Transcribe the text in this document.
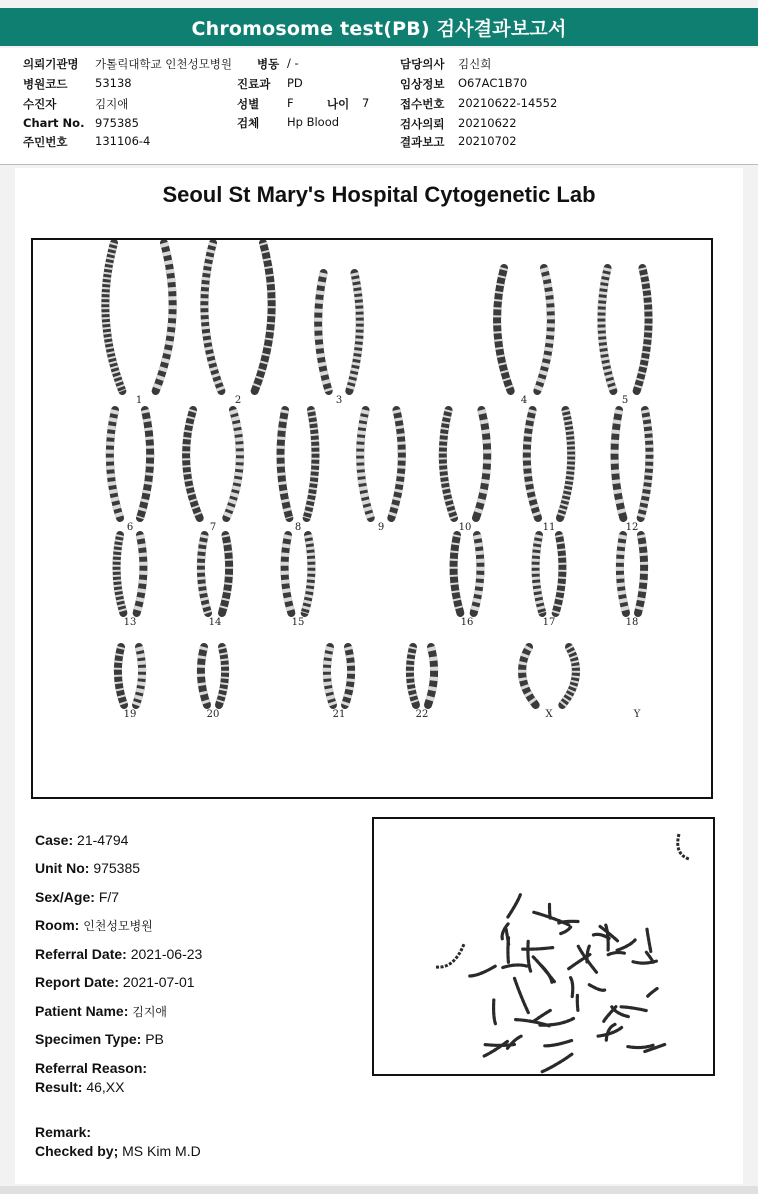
Chromosome test(PB) 검사결과보고서
의뢰기관명 가톨릭대학교 인천성모병원 병동 / -	담당의사 김신희
병원코드 53138	진료과 PD	임상정보 O67AC1B70
수진자	김지애	성별 F	나이 7	접수번호 20210622-14552
Chart No. 975385	검체 Hp Blood	검사의뢰 20210622
주민번호 131106-4	결과보고 20210702
Seoul St Mary's Hospital Cytogenetic Lab
1	2	3	4	5
6	7	8	9	10	11	12
13	14	15	16	17	18
19	20	21	22	X	Y
Case: 21-4794
Unit No: 975385
Sex/Age: F/7
Room: 인천성모병원
Referral Date: 2021-06-23
Report Date: 2021-07-01
Patient Name: 김지애
Specimen Type: PB
Referral Reason:
Result: 46,XX
Remark:
Checked by; MS Kim M.D
